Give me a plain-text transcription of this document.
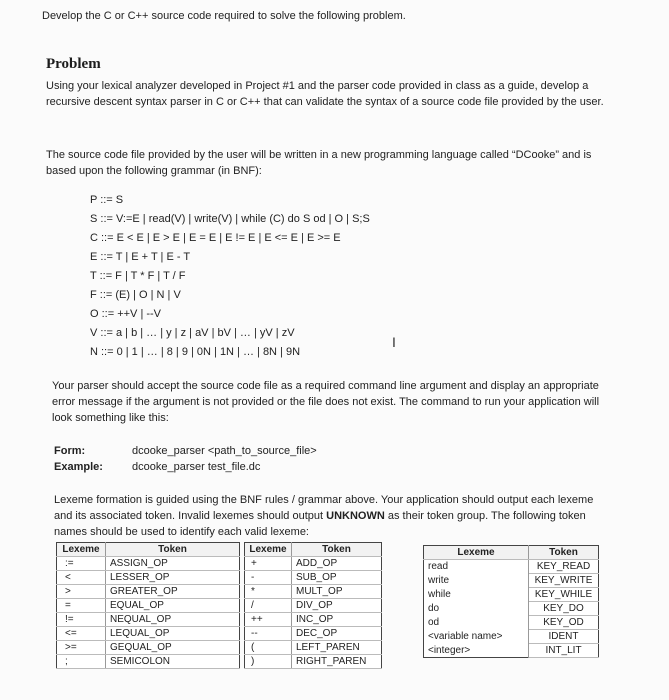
Develop the C or C++ source code required to solve the following problem.
Problem
Using your lexical analyzer developed in Project #1 and the parser code provided in class as a guide, develop a recursive descent syntax parser in C or C++ that can validate the syntax of a source code file provided by the user.
The source code file provided by the user will be written in a new programming language called “DCooke” and is based upon the following grammar (in BNF):
P ::= S
S ::= V:=E | read(V) | write(V) | while (C) do S od | O | S;S
C ::= E < E | E > E | E = E | E != E | E <= E | E >= E
E ::= T | E + T | E - T
T ::= F | T * F | T / F
F ::= (E) | O | N | V
O ::= ++V | --V
V ::= a | b | … | y | z | aV | bV | … | yV | zV
N ::= 0 | 1 | … | 8 | 9 | 0N | 1N | … | 8N | 9N
I
Your parser should accept the source code file as a required command line argument and display an appropriate error message if the argument is not provided or the file does not exist. The command to run your application will look something like this:
Form:	dcooke_parser <path_to_source_file>
Example:	dcooke_parser test_file.dc
Lexeme formation is guided using the BNF rules / grammar above. Your application should output each lexeme and its associated token. Invalid lexemes should output UNKNOWN as their token group. The following token names should be used to identify each valid lexeme:
Lexeme	Token
:=	ASSIGN_OP
<	LESSER_OP
>	GREATER_OP
=	EQUAL_OP
!=	NEQUAL_OP
<=	LEQUAL_OP
>=	GEQUAL_OP
;	SEMICOLON
Lexeme	Token
+	ADD_OP
-	SUB_OP
*	MULT_OP
/	DIV_OP
++	INC_OP
--	DEC_OP
(	LEFT_PAREN
)	RIGHT_PAREN
Lexeme	Token
read	KEY_READ
write	KEY_WRITE
while	KEY_WHILE
do	KEY_DO
od	KEY_OD
<variable name>	IDENT
<integer>	INT_LIT
